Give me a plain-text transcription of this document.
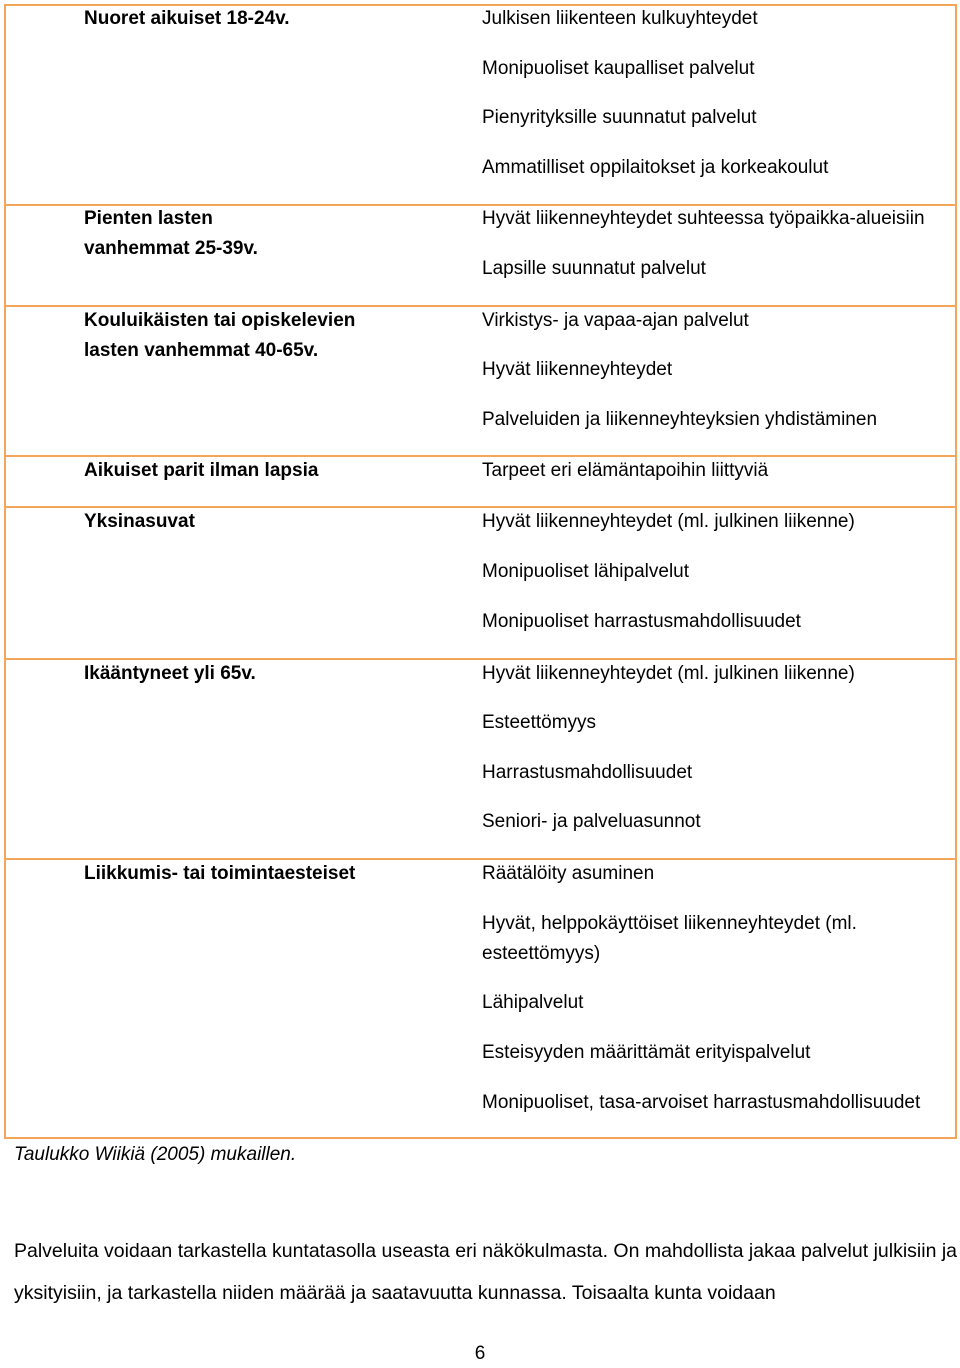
Nuoret aikuiset 18-24v.
Pienten lasten vanhemmat 25-39v.
Kouluikäisten tai opiskelevien lasten vanhemmat 40-65v.
Aikuiset parit ilman lapsia
Yksinasuvat
Ikääntyneet yli 65v.
Liikkumis- tai toimintaesteiset
Julkisen liikenteen kulkuyhteydet
Monipuoliset kaupalliset palvelut
Pienyrityksille suunnatut palvelut
Ammatilliset oppilaitokset ja korkeakoulut
Hyvät liikenneyhteydet suhteessa työpaikka-alueisiin
Lapsille suunnatut palvelut
Virkistys- ja vapaa-ajan palvelut
Hyvät liikenneyhteydet
Palveluiden ja liikenneyhteyksien yhdistäminen
Tarpeet eri elämäntapoihin liittyviä
Hyvät liikenneyhteydet (ml. julkinen liikenne)
Monipuoliset lähipalvelut
Monipuoliset harrastusmahdollisuudet
Hyvät liikenneyhteydet (ml. julkinen liikenne)
Esteettömyys
Harrastusmahdollisuudet
Seniori- ja palveluasunnot
Räätälöity asuminen
Hyvät, helppokäyttöiset liikenneyhteydet (ml. esteettömyys)
Lähipalvelut
Esteisyyden määrittämät erityispalvelut
Monipuoliset, tasa-arvoiset harrastusmahdollisuudet
Taulukko Wiikiä (2005) mukaillen.

Palveluita voidaan tarkastella kuntatasolla useasta eri näkökulmasta. On mahdollista jakaa palvelut julkisiin ja yksityisiin, ja tarkastella niiden määrää ja saatavuutta kunnassa. Toisaalta kunta voidaan

6
